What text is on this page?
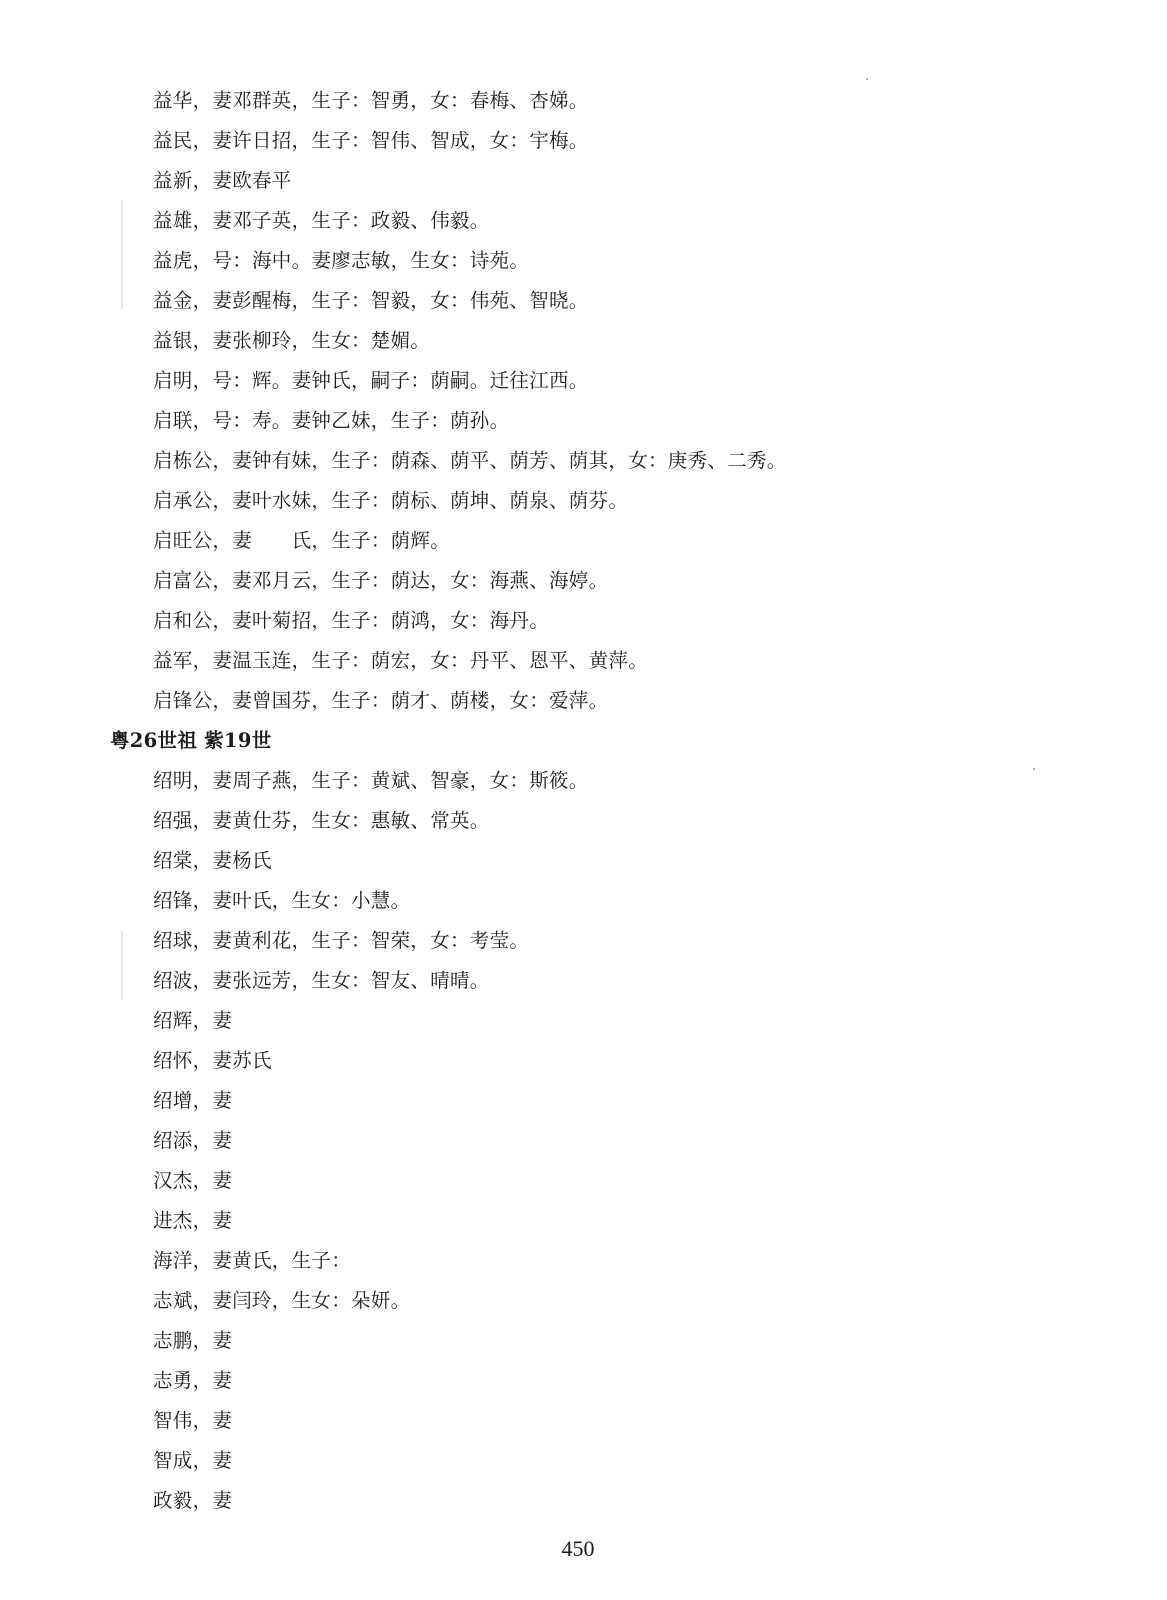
益华，妻邓群英，生子：智勇，女：春梅、杏娣。
益民，妻许日招，生子：智伟、智成，女：宇梅。
益新，妻欧春平
益雄，妻邓子英，生子：政毅、伟毅。
益虎，号：海中。妻廖志敏，生女：诗苑。
益金，妻彭醒梅，生子：智毅，女：伟苑、智晓。
益银，妻张柳玲，生女：楚媚。
启明，号：辉。妻钟氏，嗣子：荫嗣。迁往江西。
启联，号：寿。妻钟乙妹，生子：荫孙。
启栋公，妻钟有妹，生子：荫森、荫平、荫芳、荫其，女：庚秀、二秀。
启承公，妻叶水妹，生子：荫标、荫坤、荫泉、荫芬。
启旺公，妻　　氏，生子：荫辉。
启富公，妻邓月云，生子：荫达，女：海燕、海婷。
启和公，妻叶菊招，生子：荫鸿，女：海丹。
益军，妻温玉连，生子：荫宏，女：丹平、恩平、黄萍。
启锋公，妻曾国芬，生子：荫才、荫楼，女：爱萍。
粤26世祖 紫19世
绍明，妻周子燕，生子：黄斌、智豪，女：斯筱。
绍强，妻黄仕芬，生女：惠敏、常英。
绍棠，妻杨氏
绍锋，妻叶氏，生女：小慧。
绍球，妻黄利花，生子：智荣，女：考莹。
绍波，妻张远芳，生女：智友、晴晴。
绍辉，妻
绍怀，妻苏氏
绍增，妻
绍添，妻
汉杰，妻
进杰，妻
海洋，妻黄氏，生子：
志斌，妻闫玲，生女：朵妍。
志鹏，妻
志勇，妻
智伟，妻
智成，妻
政毅，妻
450
